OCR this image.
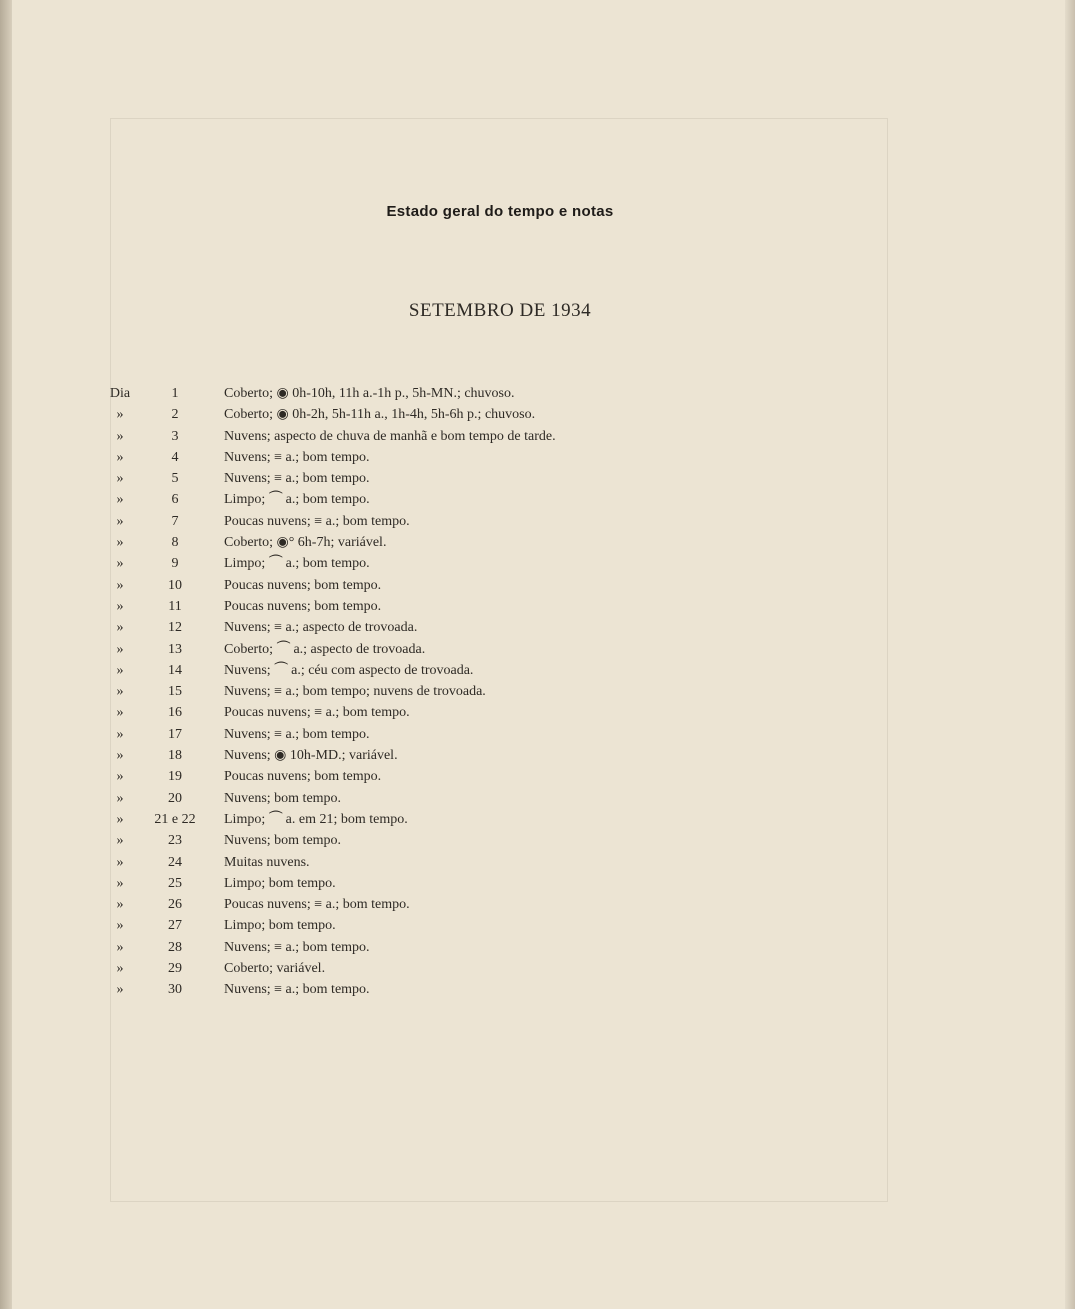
Estado geral do tempo e notas
SETEMBRO DE 1934
Dia	1	Coberto; ◉ 0h-10h, 11h a.-1h p., 5h-MN.; chuvoso.
»	2	Coberto; ◉ 0h-2h, 5h-11h a., 1h-4h, 5h-6h p.; chuvoso.
»	3	Nuvens; aspecto de chuva de manhã e bom tempo de tarde.
»	4	Nuvens; ≡ a.; bom tempo.
»	5	Nuvens; ≡ a.; bom tempo.
»	6	Limpo; ⏜ a.; bom tempo.
»	7	Poucas nuvens; ≡ a.; bom tempo.
»	8	Coberto; ◉° 6h-7h; variável.
»	9	Limpo; ⏜ a.; bom tempo.
»	10	Poucas nuvens; bom tempo.
»	11	Poucas nuvens; bom tempo.
»	12	Nuvens; ≡ a.; aspecto de trovoada.
»	13	Coberto; ⏜ a.; aspecto de trovoada.
»	14	Nuvens; ⏜ a.; céu com aspecto de trovoada.
»	15	Nuvens; ≡ a.; bom tempo; nuvens de trovoada.
»	16	Poucas nuvens; ≡ a.; bom tempo.
»	17	Nuvens; ≡ a.; bom tempo.
»	18	Nuvens; ◉ 10h-MD.; variável.
»	19	Poucas nuvens; bom tempo.
»	20	Nuvens; bom tempo.
»	21 e 22	Limpo; ⏜ a. em 21; bom tempo.
»	23	Nuvens; bom tempo.
»	24	Muitas nuvens.
»	25	Limpo; bom tempo.
»	26	Poucas nuvens; ≡ a.; bom tempo.
»	27	Limpo; bom tempo.
»	28	Nuvens; ≡ a.; bom tempo.
»	29	Coberto; variável.
»	30	Nuvens; ≡ a.; bom tempo.
